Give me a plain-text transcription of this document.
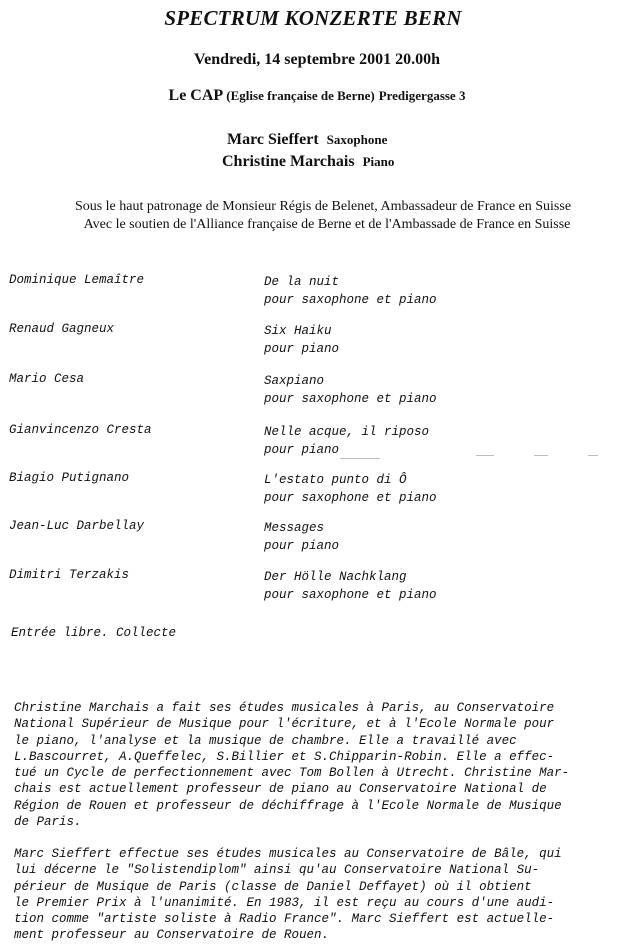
SPECTRUM KONZERTE BERN
Vendredi, 14 septembre 2001 20.00h
Le CAP (Eglise française de Berne) Predigergasse 3
Marc Sieffert Saxophone
Christine Marchais Piano
Sous le haut patronage de Monsieur Régis de Belenet, Ambassadeur de France en Suisse
Avec le soutien de l'Alliance française de Berne et de l'Ambassade de France en Suisse
Dominique Lemaître	De la nuit
pour saxophone et piano
Renaud Gagneux	Six Haiku
pour piano
Mario Cesa	Saxpiano
pour saxophone et piano
Gianvincenzo Cresta	Nelle acque, il riposo
pour piano
Biagio Putignano	L'estato punto di Ô
pour saxophone et piano
Jean-Luc Darbellay	Messages
pour piano
Dimitri Terzakis	Der Hölle Nachklang
pour saxophone et piano
Entrée libre. Collecte
Christine Marchais a fait ses études musicales à Paris, au Conservatoire
National Supérieur de Musique pour l'écriture, et à l'Ecole Normale pour
le piano, l'analyse et la musique de chambre. Elle a travaillé avec
L.Bascourret, A.Queffelec, S.Billier et S.Chipparin-Robin. Elle a effec-
tué un Cycle de perfectionnement avec Tom Bollen à Utrecht. Christine Mar-
chais est actuellement professeur de piano au Conservatoire National de
Région de Rouen et professeur de déchiffrage à l'Ecole Normale de Musique
de Paris.
Marc Sieffert effectue ses études musicales au Conservatoire de Bâle, qui
lui décerne le "Solistendiplom" ainsi qu'au Conservatoire National Su-
périeur de Musique de Paris (classe de Daniel Deffayet) où il obtient
le Premier Prix à l'unanimité. En 1983, il est reçu au cours d'une audi-
tion comme "artiste soliste à Radio France". Marc Sieffert est actuelle-
ment professeur au Conservatoire de Rouen.
